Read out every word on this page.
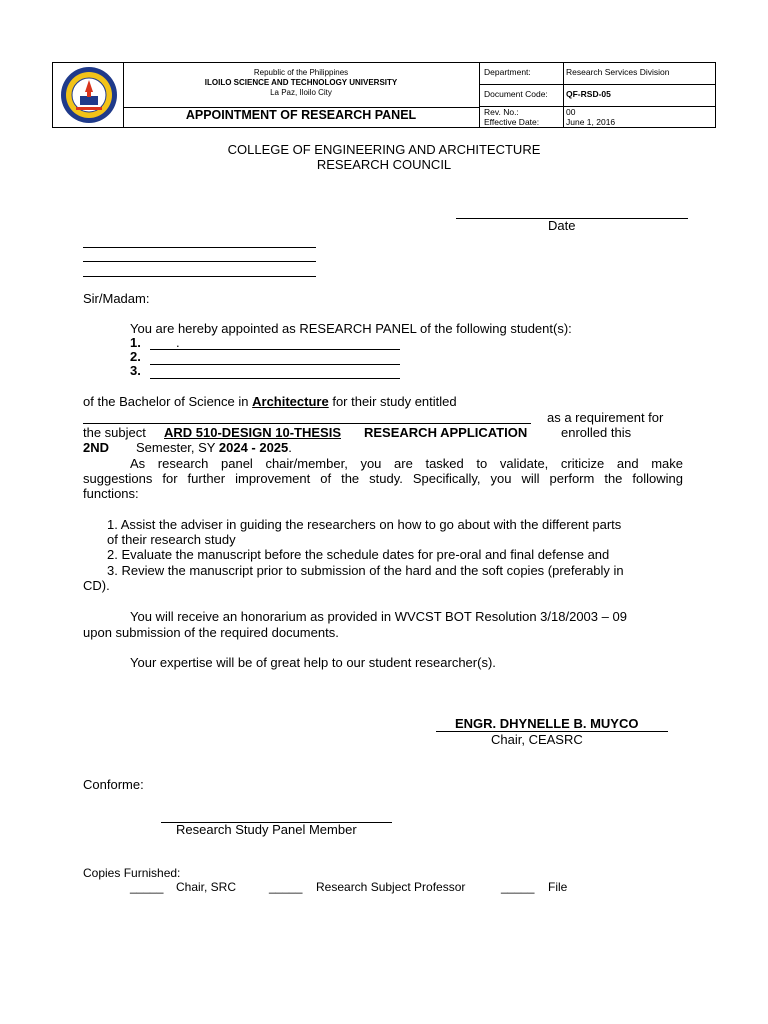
Republic of the Philippines
ILOILO SCIENCE AND TECHNOLOGY UNIVERSITY
La Paz, Iloilo City
APPOINTMENT OF RESEARCH PANEL
Department:	Research Services Division
Document Code: QF-RSD-05
Rev. No.:	00
Effective Date:	June 1, 2016
COLLEGE OF ENGINEERING AND ARCHITECTURE
RESEARCH COUNCIL
Date
Sir/Madam:
You are hereby appointed as RESEARCH PANEL of the following student(s):
1.	.
2.
3.
of the Bachelor of Science in Architecture for their study entitled
as a requirement for
the subject ARD 510-DESIGN 10-THESIS RESEARCH APPLICATION	enrolled this
2ND Semester, SY 2024 - 2025.
As research panel chair/member, you are tasked to validate, criticize and make
suggestions for further improvement of the study. Specifically, you will perform the following
functions:
1. Assist the adviser in guiding the researchers on how to go about with the different parts
of their research study
2. Evaluate the manuscript before the schedule dates for pre-oral and final defense and
3. Review the manuscript prior to submission of the hard and the soft copies (preferably in
CD).
You will receive an honorarium as provided in WVCST BOT Resolution 3/18/2003 – 09
upon submission of the required documents.
Your expertise will be of great help to our student researcher(s).
ENGR. DHYNELLE B. MUYCO
Chair, CEASRC
Conforme:
Research Study Panel Member
Copies Furnished:
_____ Chair, SRC	_____ Research Subject Professor	_____ File
